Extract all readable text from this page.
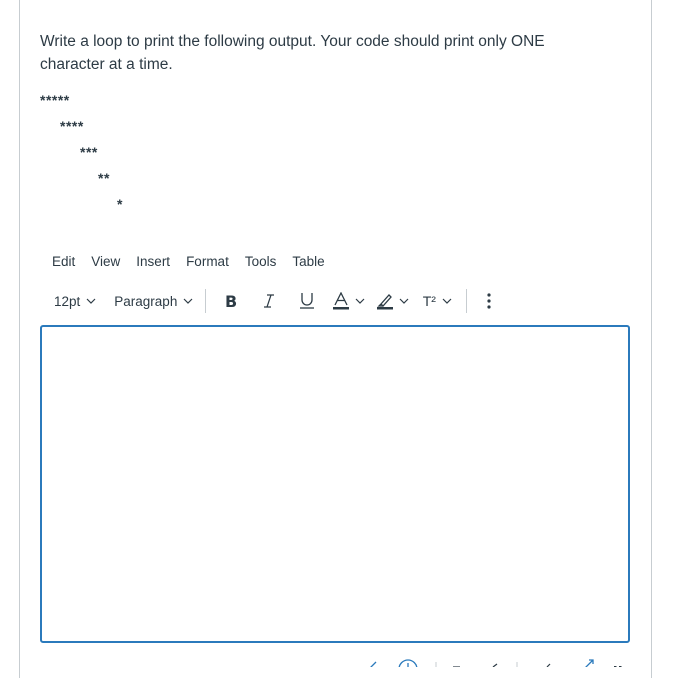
Write a loop to print the following output. Your code should print only ONE character at a time.
*****
****
***
**
*
Edit	View	Insert	Format	Tools	Table
12pt	Paragraph	B	T²
